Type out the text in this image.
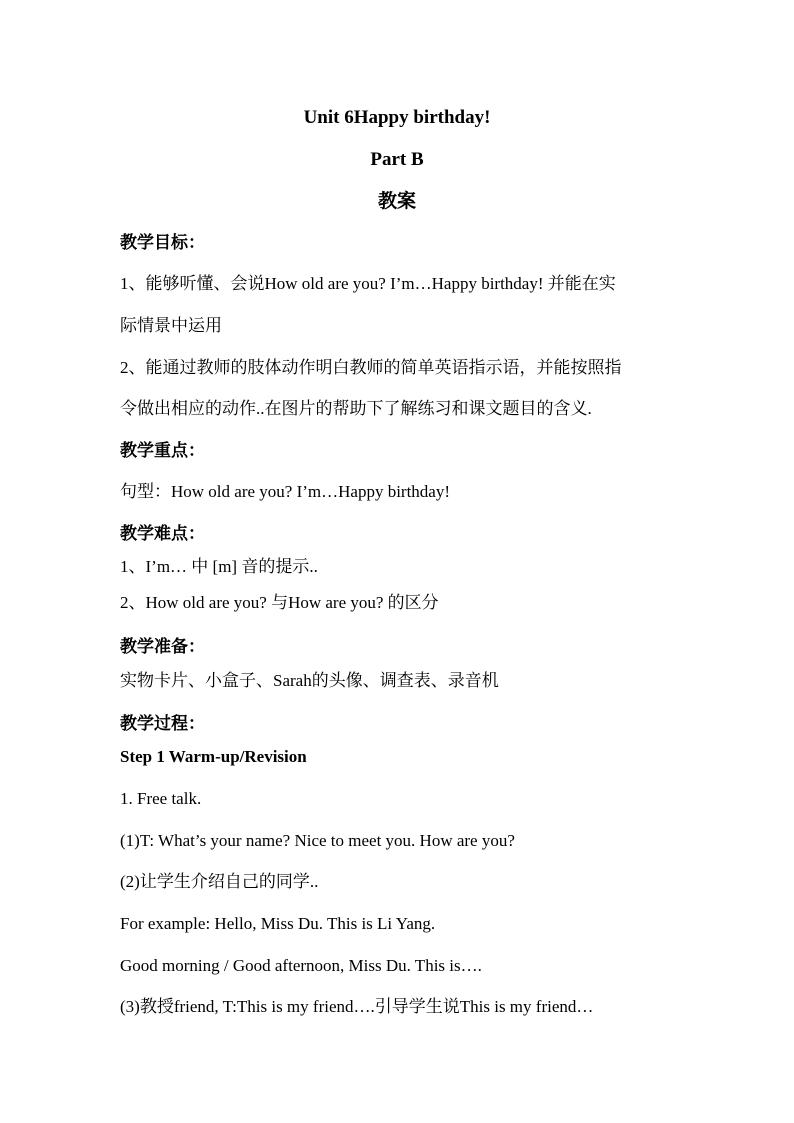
Unit 6Happy birthday!
Part B
教案
教学目标：
1、能够听懂、会说How old are you? I’m…Happy birthday! 并能在实
际情景中运用
2、能通过教师的肢体动作明白教师的简单英语指示语，并能按照指
令做出相应的动作..在图片的帮助下了解练习和课文题目的含义.
教学重点：
句型：How old are you? I’m…Happy birthday!
教学难点：
1、I’m… 中 [m] 音的提示..
2、How old are you? 与How are you? 的区分
教学准备：
实物卡片、小盒子、Sarah的头像、调查表、录音机
教学过程：
Step 1 Warm-up/Revision
1. Free talk.
(1)T: What’s your name? Nice to meet you. How are you?
(2)让学生介绍自己的同学..
For example: Hello, Miss Du. This is Li Yang.
Good morning / Good afternoon, Miss Du. This is….
(3)教授friend, T:This is my friend….引导学生说This is my friend…
